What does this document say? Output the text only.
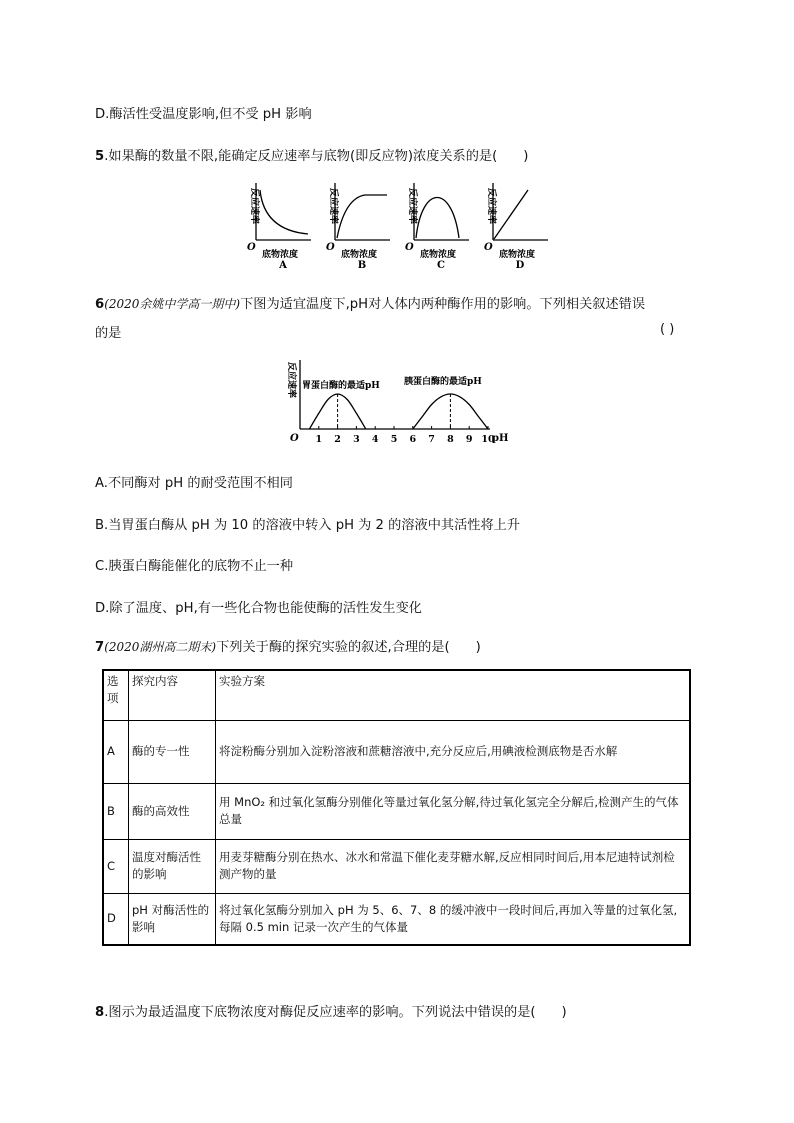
D.酶活性受温度影响,但不受 pH 影响
5.如果酶的数量不限,能确定反应速率与底物(即反应物)浓度关系的是( )
反应速率
O
底物浓度
A
反应速率
O
底物浓度
B
反应速率
O
底物浓度
C
反应速率
O
底物浓度
D
6(2020余姚中学高一期中)下图为适宜温度下,pH对人体内两种酶作用的影响。下列相关叙述错误
的是	( )
反应速率
O	pH
胃蛋白酶的最适pH	胰蛋白酶的最适pH
1 2 3 4 5 6 7 8 9 10
A.不同酶对 pH 的耐受范围不相同
B.当胃蛋白酶从 pH 为 10 的溶液中转入 pH 为 2 的溶液中其活性将上升
C.胰蛋白酶能催化的底物不止一种
D.除了温度、pH,有一些化合物也能使酶的活性发生变化
7(2020湖州高二期末)下列关于酶的探究实验的叙述,合理的是( )
选项	探究内容	实验方案
A	酶的专一性	将淀粉酶分别加入淀粉溶液和蔗糖溶液中,充分反应后,用碘液检测底物是否水解
B	酶的高效性	用 MnO₂ 和过氧化氢酶分别催化等量过氧化氢分解,待过氧化氢完全分解后,检测产生的气体总量
C	温度对酶活性的影响	用麦芽糖酶分别在热水、冰水和常温下催化麦芽糖水解,反应相同时间后,用本尼迪特试剂检测产物的量
D	pH 对酶活性的影响	将过氧化氢酶分别加入 pH 为 5、6、7、8 的缓冲液中一段时间后,再加入等量的过氧化氢,每隔 0.5 min 记录一次产生的气体量
8.图示为最适温度下底物浓度对酶促反应速率的影响。下列说法中错误的是( )
